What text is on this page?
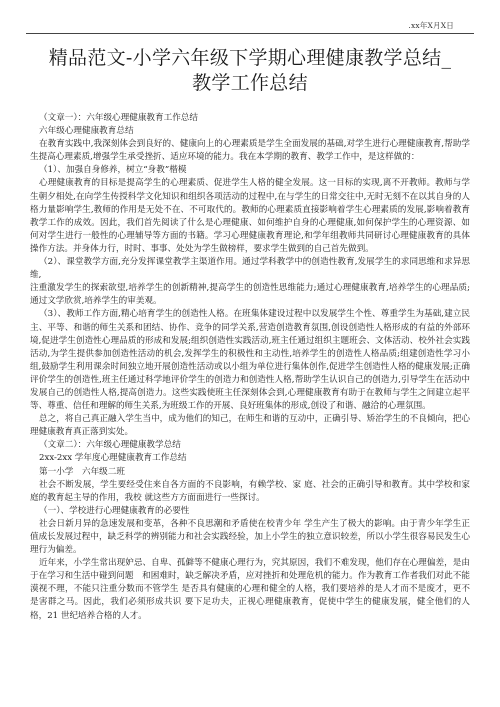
.xx年X月X日
精品范文-小学六年级下学期心理健康教学总结_教学工作总结

（文章一）：六年级心理健康教育工作总结

六年级心理健康教育总结

在教育实践中,我深刻体会到良好的、健康向上的心理素质是学生全面发展的基础,对学生进行心理健康教育,帮助学生提高心理素质,增强学生承受挫折、适应环境的能力。我在本学期的教育、教学工作中，是这样做的：

（1）、加强自身修养，树立“身教”楷模

心理健康教育的目标是提高学生的心理素质、促进学生人格的健全发展。这一目标的实现,离不开教师。教师与学生朝夕相处,在向学生传授科学文化知识和组织各项活动的过程中,在与学生的日常交往中,无时无刻不在以其自身的人格力量影响学生,教师的作用是无处不在、不可取代的。教师的心理素质直接影响着学生心理素质的发展,影响着教育教学工作的成效。因此，我们首先阅读了什么是心理健康、如何维护自身的心理健康,如何保护学生的心理资源、如何对学生进行一般性的心理辅导等方面的书籍。学习心理健康教育理论,和学年组教师共同研讨心理健康教育的具体操作方法。并身体力行，时时、事事、处处为学生做榜样，要求学生做到的自己首先做到。

（2）、课堂教学方面,充分发挥课堂教学主渠道作用。通过学科教学中的创造性教育,发展学生的求同思维和求异思维,

注重激发学生的探索欲望,培养学生的创新精神,提高学生的创造性思维能力;通过心理健康教育,培养学生的心理品质;通过文学欣赏,培养学生的审美观。

（3）、教师工作方面,精心培育学生的创造性人格。在班集体建设过程中以发展学生个性、尊重学生为基础,建立民主、平等、和谐的师生关系和团结、协作、竞争的同学关系,营造创造教育氛围,创设创造性人格形成的有益的外部环境,促进学生创造性心理品质的形成和发展;组织创造性实践活动,班主任通过组织主题班会、文体活动、校外社会实践活动,为学生提供参加创造性活动的机会,发挥学生的积极性和主动性,培养学生的创造性人格品质;组建创造性学习小组,鼓励学生利用课余时间独立地开展创造性活动或以小组为单位进行集体创作,促进学生创造性人格的健康发展;正确评价学生的创造性,班主任通过科学地评价学生的创造力和创造性人格,帮助学生认识自己的创造力,引导学生在活动中发展自己的创造性人格,提高创造力。这些实践使班主任深刻体会到,心理健康教育有助于在教师与学生之间建立起平等、尊重、信任和理解的师生关系,为班级工作的开展、良好班集体的形成,创设了和谐、融洽的心理氛围。

总之，将自己真正融入学生当中，成为他们的知己，在师生和谐的互动中，正确引导、矫治学生的不良倾向，把心理健康教育真正落到实处。

（文章二）：六年级心理健康教学总结

2xx-2xx 学年度心理健康教育工作总结

第一小学　六年级二班

社会不断发展，学生要经受住来自各方面的不良影响，有赖学校、家 庭、社会的正确引导和教育。其中学校和家庭的教育起主导的作用，我校 就这些方方面面进行一些探讨。

（一）、学校进行心理健康教育的必要性

社会日新月异的急速发展和变革，各种不良思潮和矛盾使在校青少年 学生产生了极大的影响。由于青少年学生正值成长发展过程中，缺乏科学的辨别能力和社会实践经验，加上小学生的独立意识较差，所以小学生很容易民发生心理行为偏差。

近年来，小学生常出现妒忌、自卑、孤僻等不健康心理行为，究其原因，我们不难发现，他们存在心理偏差，是由于在学习和生活中碰到问题　和困难时，缺乏解决矛盾，应对挫折和处理危机的能力。作为教育工作者我们对此不能漠视不理，不能只注重分数而不管学生 是否具有健康的心理和健全的人格，我们要培养的是人才而不是废才，更不是害群之马。因此，我们必须形成共识 要下足功夫，正视心理健康教育，促使中学生的健康发展，健全他们的人格，21 世纪培养合格的人才。
